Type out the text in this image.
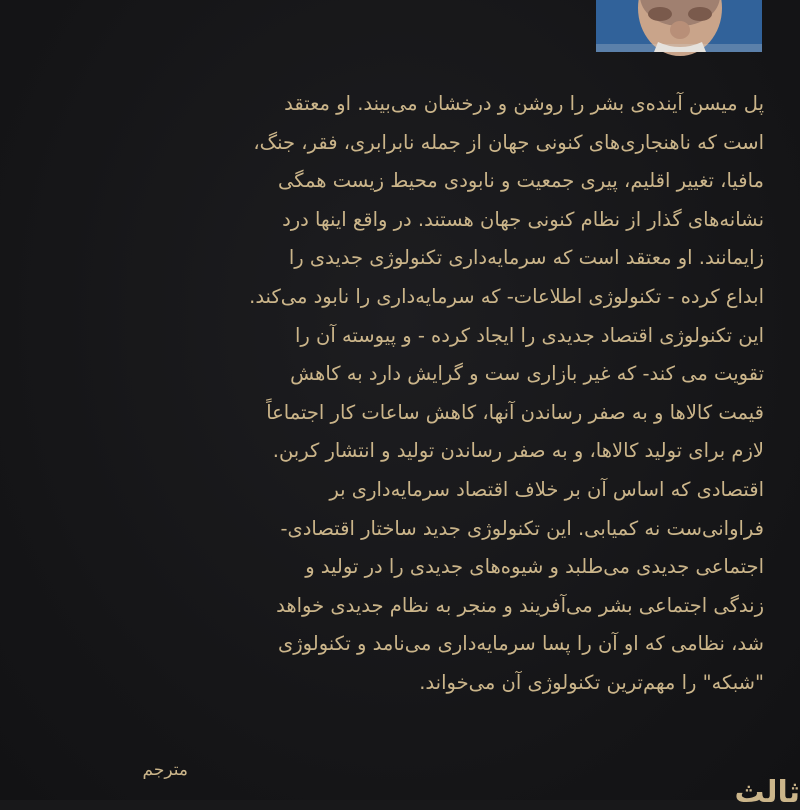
پل میسن آینده‌ی بشر را روشن و درخشان می‌بیند. او معتقد
است که ناهنجاری‌های کنونی جهان از جمله نابرابری، فقر، جنگ،
مافیا، تغییر اقلیم، پیری جمعیت و نابودی محیط زیست همگی
نشانه‌های گذار از نظام کنونی جهان هستند. در واقع اینها درد
زایمانند. او معتقد است که سرمایه‌داری تکنولوژی جدیدی را
ابداع کرده - تکنولوژی اطلاعات- که سرمایه‌داری را نابود می‌کند.
این تکنولوژی اقتصاد جدیدی را ایجاد کرده - و پیوسته آن را
تقویت می کند- که غیر بازاری ست و گرایش دارد به کاهش
قیمت کالاها و به صفر رساندن آنها، کاهش ساعات کار اجتماعاً
لازم برای تولید کالاها، و به صفر رساندن تولید و انتشار کربن.
اقتصادی که اساس آن بر خلاف اقتصاد سرمایه‌داری بر
فراوانی‌ست نه کمیابی. این تکنولوژی جدید ساختار اقتصادی-
اجتماعی جدیدی می‌طلبد و شیوه‌های جدیدی را در تولید و
زندگی اجتماعی بشر می‌آفریند و منجر به نظام جدیدی خواهد
شد، نظامی که او آن را پسا سرمایه‌داری می‌نامد و تکنولوژی
"شبکه" را مهم‌ترین تکنولوژی آن می‌خواند.
مترجم
ثالث
